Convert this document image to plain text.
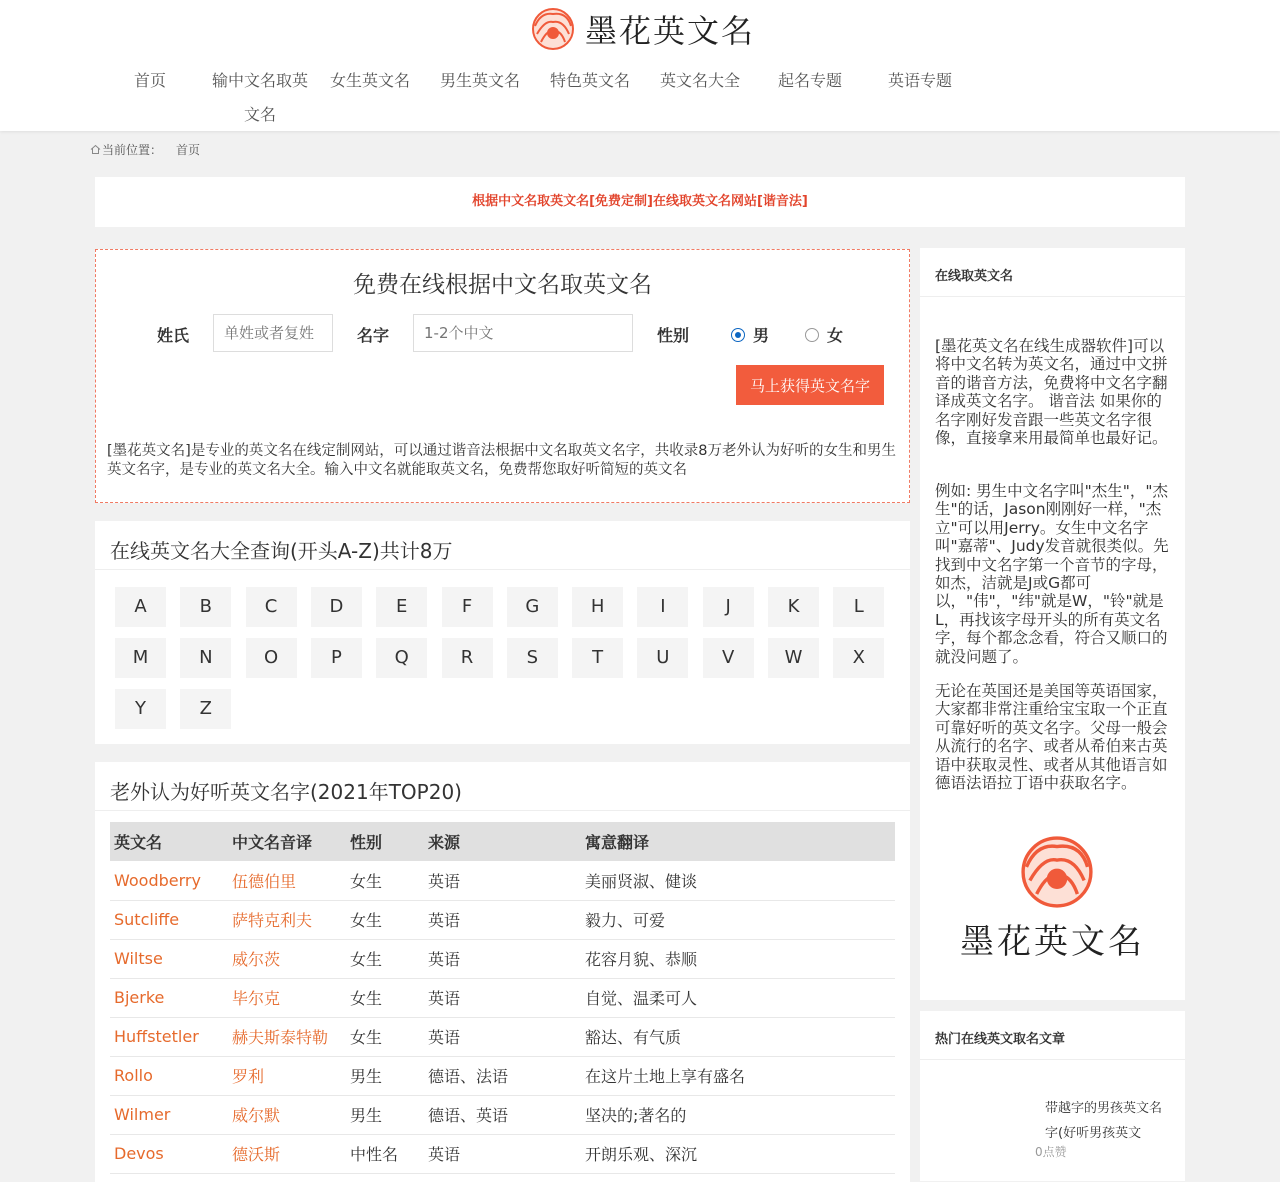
墨花英文名
首页	输中文名取英文名
女生英文名	男生英文名	特色英文名	英文名大全	起名专题	英语专题
当前位置： 首页
根据中文名取英文名[免费定制]在线取英文名网站[谐音法]
免费在线根据中文名取英文名
姓氏
单姓或者复姓	名字
1-2个中文	性别	男	女
马上获得英文名字

[墨花英文名]是专业的英文名在线定制网站，可以通过谐音法根据中文名取英文名字，共收录8万老外认为好听的女生和男生英文名字，是专业的英文名大全。输入中文名就能取英文名，免费帮您取好听简短的英文名

在线英文名大全查询(开头A-Z)共计8万
A	B	C	D	E	F	G	H	I	J	K	L
M	N	O	P	Q	R	S	T	U	V	W	X
Y	Z
老外认为好听英文名字(2021年TOP20)
英文名	中文名音译	性别	来源	寓意翻译
Woodberry	伍德伯里	女生	英语	美丽贤淑、健谈
Sutcliffe	萨特克利夫	女生	英语	毅力、可爱
Wiltse	威尔茨	女生	英语	花容月貌、恭顺
Bjerke	毕尔克	女生	英语	自觉、温柔可人
Huffstetler	赫夫斯泰特勒	女生	英语	豁达、有气质
Rollo	罗利	男生	德语、法语	在这片土地上享有盛名
Wilmer	威尔默	男生	德语、英语	坚决的;著名的
Devos	德沃斯	中性名	英语	开朗乐观、深沉
在线取英文名

[墨花英文名在线生成器软件]可以将中文名转为英文名，通过中文拼音的谐音方法，免费将中文名字翻译成英文名字。 谐音法 如果你的名字刚好发音跟一些英文名字很像，直接拿来用最简单也最好记。

例如: 男生中文名字叫"杰生"，"杰生"的话，Jason刚刚好一样，"杰立"可以用Jerry。女生中文名字叫"嘉蒂"、Judy发音就很类似。先找到中文名字第一个音节的字母，如杰，洁就是J或G都可以，"伟"，"纬"就是W，"铃"就是L，再找该字母开头的所有英文名字，每个都念念看，符合又顺口的就没问题了。

无论在英国还是美国等英语国家，大家都非常注重给宝宝取一个正直可靠好听的英文名字。父母一般会从流行的名字、或者从希伯来古英语中获取灵性、或者从其他语言如德语法语拉丁语中获取名字。

墨花英文名
热门在线英文取名文章
带越字的男孩英文名字(好听男孩英文
0点赞
